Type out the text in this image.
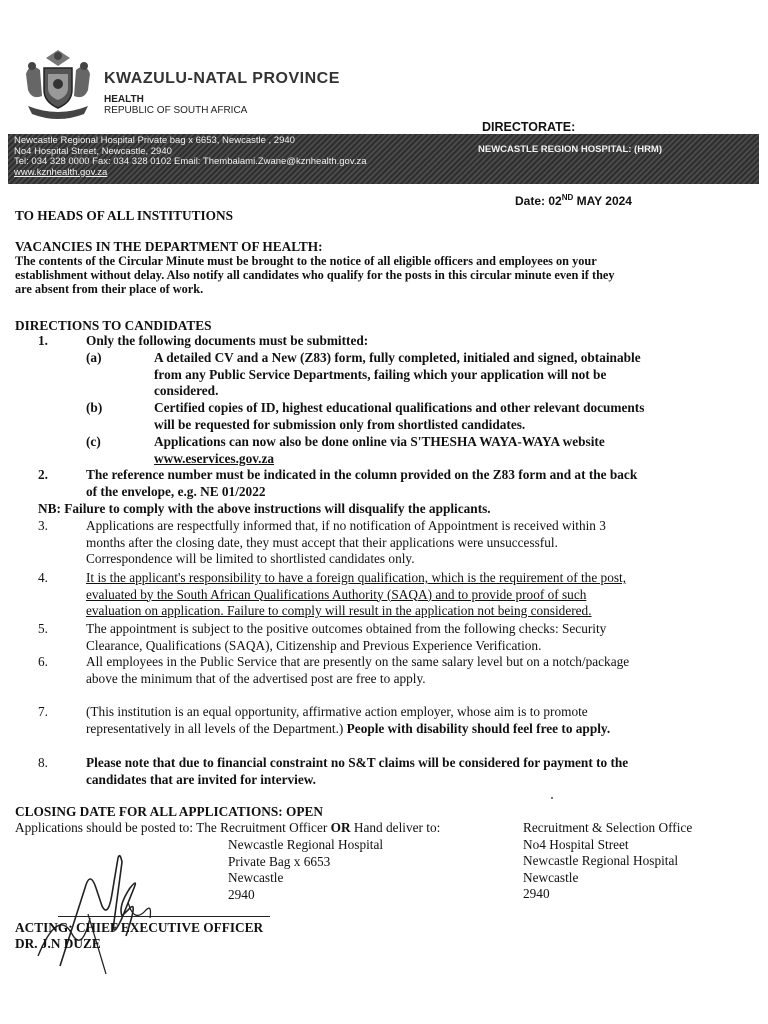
KWAZULU-NATAL PROVINCE
HEALTH
REPUBLIC OF SOUTH AFRICA
DIRECTORATE:
Newcastle Regional Hospital Private bag x 6653, Newcastle , 2940
No4 Hospital Street, Newcastle, 2940
Tel: 034 328 0000 Fax: 034 328 0102 Email: Thembalami.Zwane@kznhealth.gov.za
www.kznhealth.gov.za
NEWCASTLE REGION HOSPITAL: (HRM)
Date: 02ND MAY 2024
TO HEADS OF ALL INSTITUTIONS
VACANCIES IN THE DEPARTMENT OF HEALTH:
The contents of the Circular Minute must be brought to the notice of all eligible officers and employees on your
establishment without delay. Also notify all candidates who qualify for the posts in this circular minute even if they
are absent from their place of work.
DIRECTIONS TO CANDIDATES
1.	Only the following documents must be submitted:
(a)	A detailed CV and a New (Z83) form, fully completed, initialed and signed, obtainable
from any Public Service Departments, failing which your application will not be
considered.
(b)	Certified copies of ID, highest educational qualifications and other relevant documents
will be requested for submission only from shortlisted candidates.
(c)	Applications can now also be done online via S'THESHA WAYA-WAYA website
www.eservices.gov.za
2.	The reference number must be indicated in the column provided on the Z83 form and at the back
of the envelope, e.g. NE 01/2022
NB: Failure to comply with the above instructions will disqualify the applicants.
3.	Applications are respectfully informed that, if no notification of Appointment is received within 3
months after the closing date, they must accept that their applications were unsuccessful.
Correspondence will be limited to shortlisted candidates only.
4.	It is the applicant's responsibility to have a foreign qualification, which is the requirement of the post,
evaluated by the South African Qualifications Authority (SAQA) and to provide proof of such
evaluation on application. Failure to comply will result in the application not being considered.
5.	The appointment is subject to the positive outcomes obtained from the following checks: Security
Clearance, Qualifications (SAQA), Citizenship and Previous Experience Verification.
6.	All employees in the Public Service that are presently on the same salary level but on a notch/package
above the minimum that of the advertised post are free to apply.
7.	(This institution is an equal opportunity, affirmative action employer, whose aim is to promote
representatively in all levels of the Department.) People with disability should feel free to apply.
8.	Please note that due to financial constraint no S&T claims will be considered for payment to the
candidates that are invited for interview.
CLOSING DATE FOR ALL APPLICATIONS: OPEN
Applications should be posted to: The Recruitment Officer OR Hand deliver to:
Newcastle Regional Hospital
Private Bag x 6653
Newcastle
2940
Recruitment & Selection Office
No4 Hospital Street
Newcastle Regional Hospital
Newcastle
2940
ACTING: CHIEF EXECUTIVE OFFICER
DR. J.N DUZE
